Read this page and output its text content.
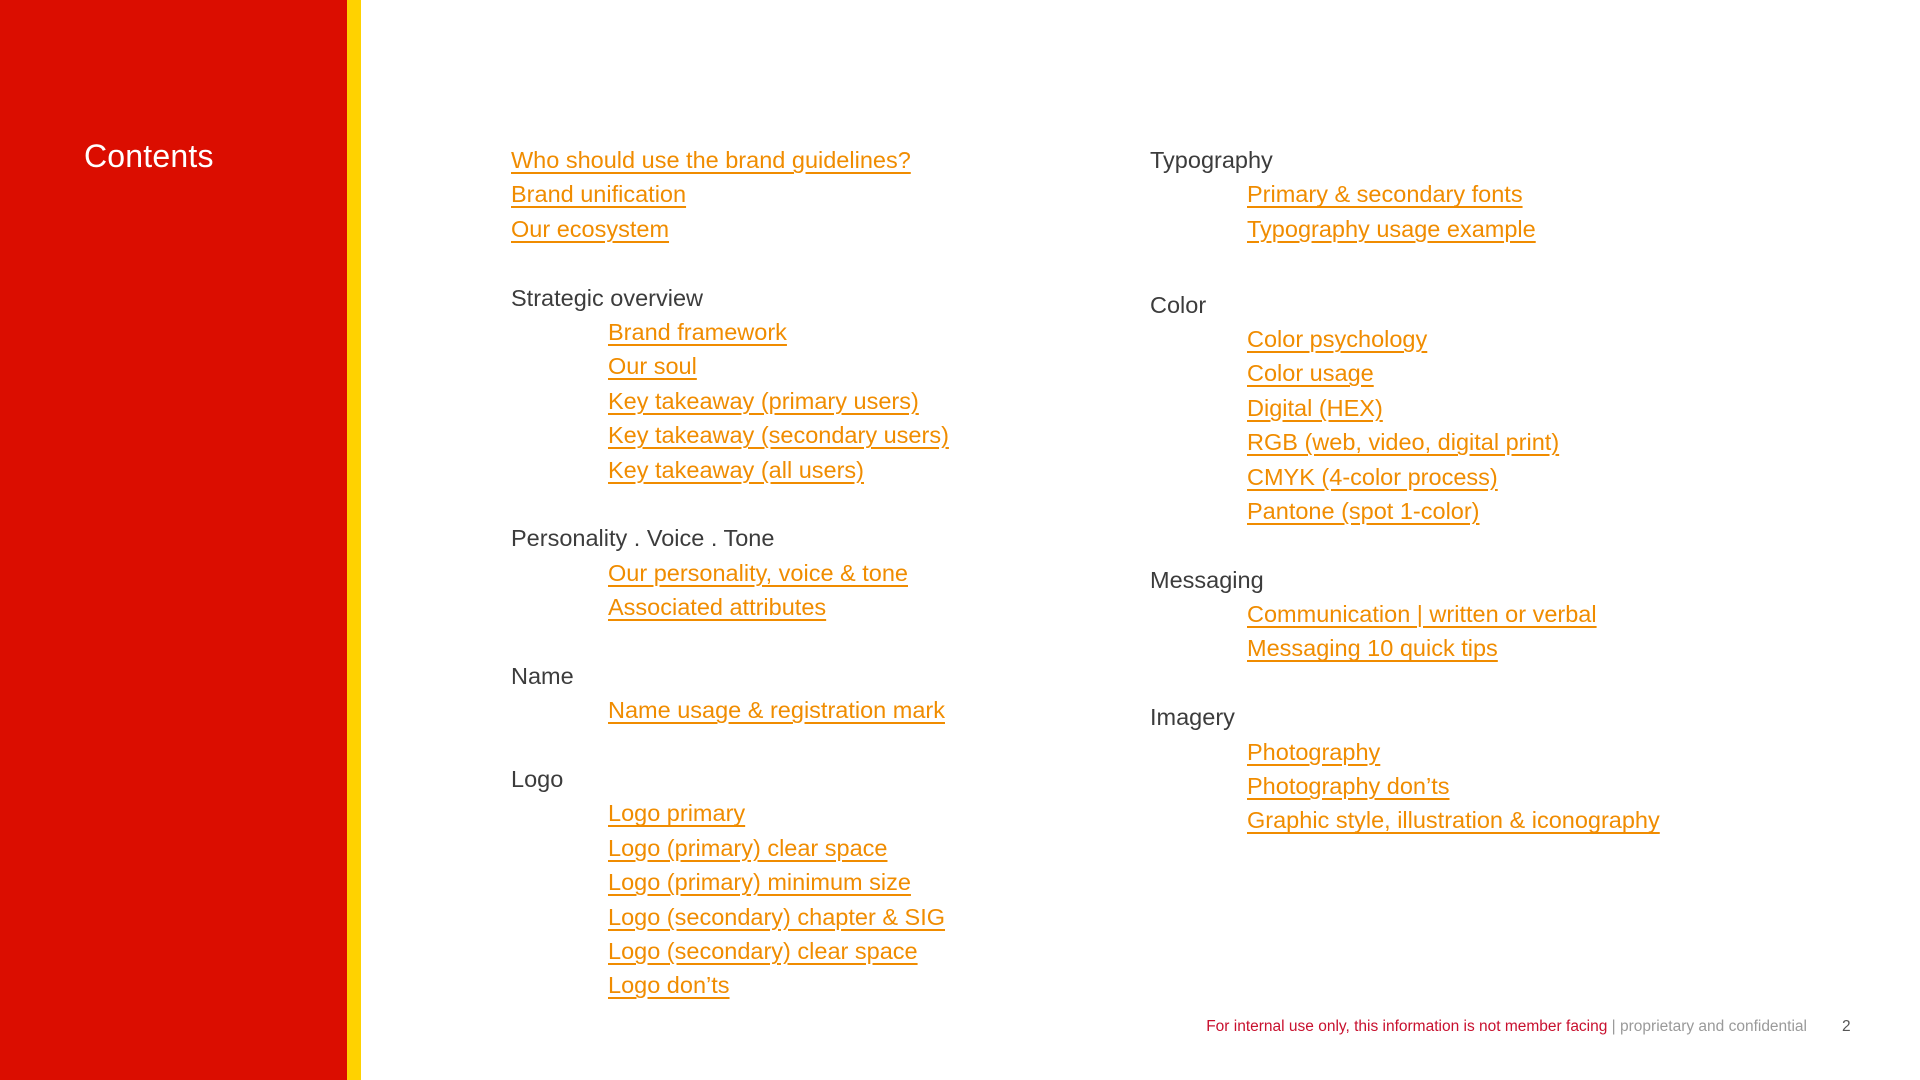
Contents	Who should use the brand guidelines?
Brand unification
Our ecosystem
Strategic overview
Brand framework
Our soul
Key takeaway (primary users)
Key takeaway (secondary users)
Key takeaway (all users)
Personality . Voice . Tone
Our personality, voice & tone
Associated attributes
Name
Name usage & registration mark
Logo
Logo primary
Logo (primary) clear space
Logo (primary) minimum size
Logo (secondary) chapter & SIG
Logo (secondary) clear space
Logo don’ts
Typography
Primary & secondary fonts
Typography usage example
Color
Color psychology
Color usage
Digital (HEX)
RGB (web, video, digital print)
CMYK (4-color process)
Pantone (spot 1-color)
Messaging
Communication | written or verbal
Messaging 10 quick tips
Imagery
Photography
Photography don’ts
Graphic style, illustration & iconography
For internal use only, this information is not member facing | proprietary and confidential 2
